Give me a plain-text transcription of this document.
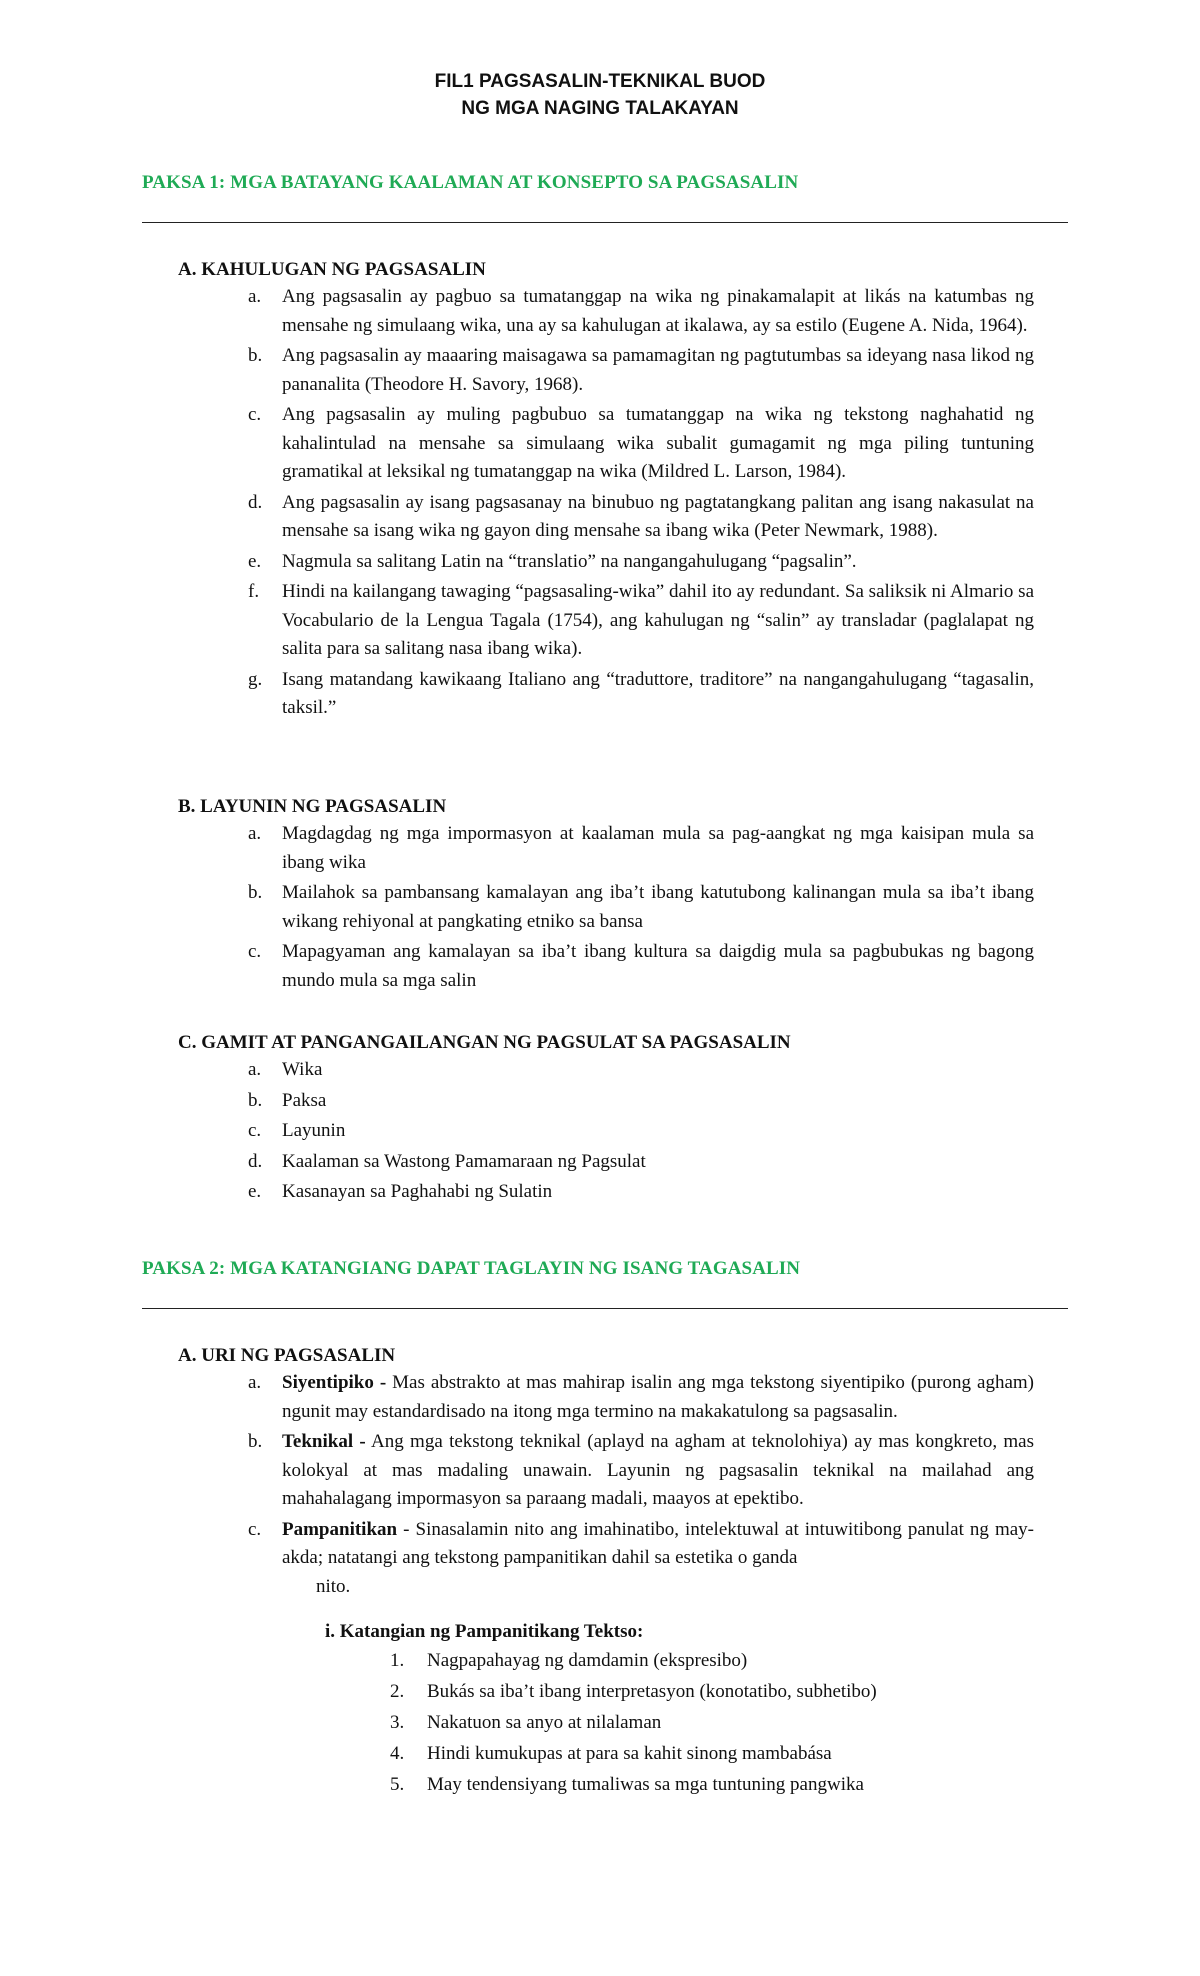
FIL1 PAGSASALIN-TEKNIKAL BUOD
NG MGA NAGING TALAKAYAN
PAKSA 1: MGA BATAYANG KAALAMAN AT KONSEPTO SA PAGSASALIN
A. KAHULUGAN NG PAGSASALIN
a. Ang pagsasalin ay pagbuo sa tumatanggap na wika ng pinakamalapit at likás na katumbas ng mensahe ng simulaang wika, una ay sa kahulugan at ikalawa, ay sa estilo (Eugene A. Nida, 1964).
b. Ang pagsasalin ay maaaring maisagawa sa pamamagitan ng pagtutumbas sa ideyang nasa likod ng pananalita (Theodore H. Savory, 1968).
c. Ang pagsasalin ay muling pagbubuo sa tumatanggap na wika ng tekstong naghahatid ng kahalintulad na mensahe sa simulaang wika subalit gumagamit ng mga piling tuntuning gramatikal at leksikal ng tumatanggap na wika (Mildred L. Larson, 1984).
d. Ang pagsasalin ay isang pagsasanay na binubuo ng pagtatangkang palitan ang isang nakasulat na mensahe sa isang wika ng gayon ding mensahe sa ibang wika (Peter Newmark, 1988).
e. Nagmula sa salitang Latin na “translatio” na nangangahulugang “pagsalin”.
f. Hindi na kailangang tawaging “pagsasaling-wika” dahil ito ay redundant. Sa saliksik ni Almario sa Vocabulario de la Lengua Tagala (1754), ang kahulugan ng “salin” ay transladar (paglalapat ng salita para sa salitang nasa ibang wika).
g. Isang matandang kawikaang Italiano ang “traduttore, traditore” na nangangahulugang “tagasalin, taksil.”
B. LAYUNIN NG PAGSASALIN
a. Magdagdag ng mga impormasyon at kaalaman mula sa pag-aangkat ng mga kaisipan mula sa ibang wika
b. Mailahok sa pambansang kamalayan ang iba’t ibang katutubong kalinangan mula sa iba’t ibang wikang rehiyonal at pangkating etniko sa bansa
c. Mapagyaman ang kamalayan sa iba’t ibang kultura sa daigdig mula sa pagbubukas ng bagong mundo mula sa mga salin
C. GAMIT AT PANGANGAILANGAN NG PAGSULAT SA PAGSASALIN
a. Wika
b. Paksa
c. Layunin
d. Kaalaman sa Wastong Pamamaraan ng Pagsulat
e. Kasanayan sa Paghahabi ng Sulatin
PAKSA 2: MGA KATANGIANG DAPAT TAGLAYIN NG ISANG TAGASALIN
A. URI NG PAGSASALIN
a. Siyentipiko - Mas abstrakto at mas mahirap isalin ang mga tekstong siyentipiko (purong agham) ngunit may estandardisado na itong mga termino na makakatulong sa pagsasalin.
b. Teknikal - Ang mga tekstong teknikal (aplayd na agham at teknolohiya) ay mas kongkreto, mas kolokyal at mas madaling unawain. Layunin ng pagsasalin teknikal na mailahad ang mahahalagang impormasyon sa paraang madali, maayos at epektibo.
c. Pampanitikan - Sinasalamin nito ang imahinatibo, intelektuwal at intuwitibong panulat ng may-akda; natatangi ang tekstong pampanitikan dahil sa estetika o ganda
nito.
i. Katangian ng Pampanitikang Tektso:
1. Nagpapahayag ng damdamin (ekspresibo)
2. Bukás sa iba’t ibang interpretasyon (konotatibo, subhetibo)
3. Nakatuon sa anyo at nilalaman
4. Hindi kumukupas at para sa kahit sinong mambabása
5. May tendensiyang tumaliwas sa mga tuntuning pangwika
